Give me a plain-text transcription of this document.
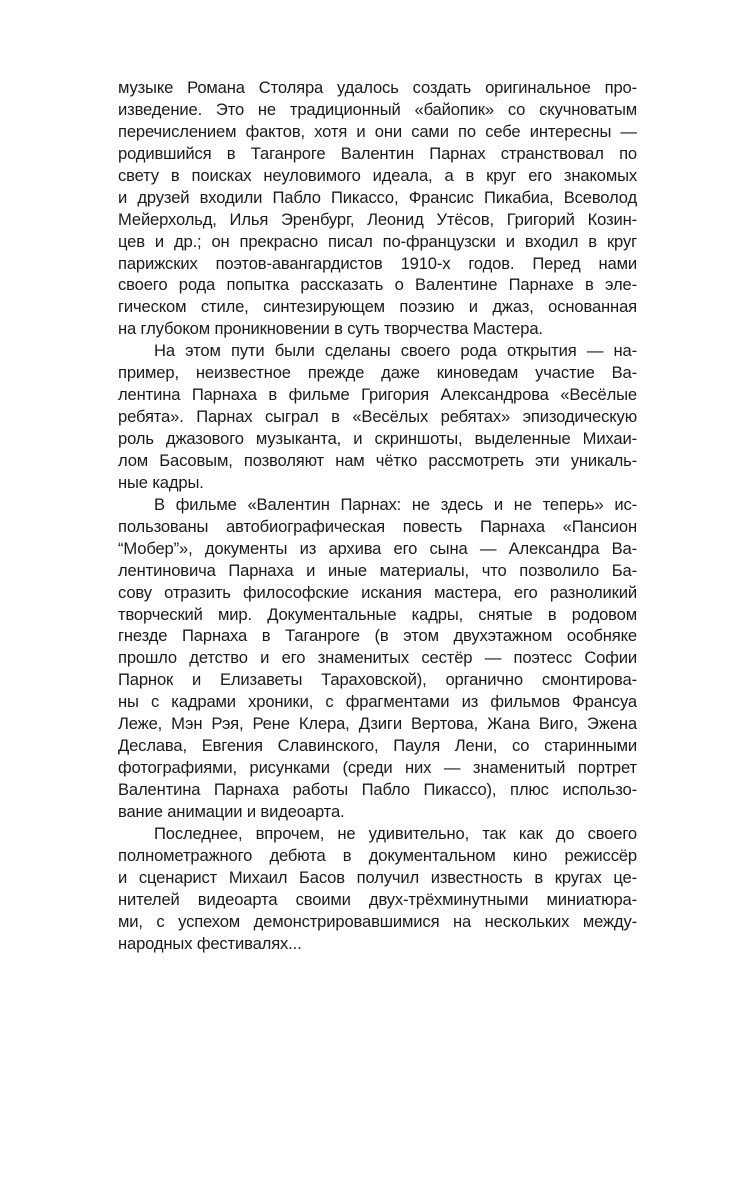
музыке Романа Столяра удалось создать оригинальное про-
изведение. Это не традиционный «байопик» со скучноватым
перечислением фактов, хотя и они сами по себе интересны —
родившийся в Таганроге Валентин Парнах странствовал по
свету в поисках неуловимого идеала, а в круг его знакомых
и друзей входили Пабло Пикассо, Франсис Пикабиа, Всеволод
Мейерхольд, Илья Эренбург, Леонид Утёсов, Григорий Козин-
цев и др.; он прекрасно писал по-французски и входил в круг
парижских поэтов-авангардистов 1910-х годов. Перед нами
своего рода попытка рассказать о Валентине Парнахе в эле-
гическом стиле, синтезирующем поэзию и джаз, основанная
на глубоком проникновении в суть творчества Мастера.
На этом пути были сделаны своего рода открытия — на-
пример, неизвестное прежде даже киноведам участие Ва-
лентина Парнаха в фильме Григория Александрова «Весёлые
ребята». Парнах сыграл в «Весёлых ребятах» эпизодическую
роль джазового музыканта, и скриншоты, выделенные Михаи-
лом Басовым, позволяют нам чётко рассмотреть эти уникаль-
ные кадры.
В фильме «Валентин Парнах: не здесь и не теперь» ис-
пользованы автобиографическая повесть Парнаха «Пансион
“Мобер”», документы из архива его сына — Александра Ва-
лентиновича Парнаха и иные материалы, что позволило Ба-
сову отразить философские искания мастера, его разноликий
творческий мир. Документальные кадры, снятые в родовом
гнезде Парнаха в Таганроге (в этом двухэтажном особняке
прошло детство и его знаменитых сестёр — поэтесс Софии
Парнок и Елизаветы Тараховской), органично смонтирова-
ны с кадрами хроники, с фрагментами из фильмов Франсуа
Леже, Мэн Рэя, Рене Клера, Дзиги Вертова, Жана Виго, Эжена
Деслава, Евгения Славинского, Пауля Лени, со старинными
фотографиями, рисунками (среди них — знаменитый портрет
Валентина Парнаха работы Пабло Пикассо), плюс использо-
вание анимации и видеоарта.
Последнее, впрочем, не удивительно, так как до своего
полнометражного дебюта в документальном кино режиссёр
и сценарист Михаил Басов получил известность в кругах це-
нителей видеоарта своими двух-трёхминутными миниатюра-
ми, с успехом демонстрировавшимися на нескольких между-
народных фестивалях...
